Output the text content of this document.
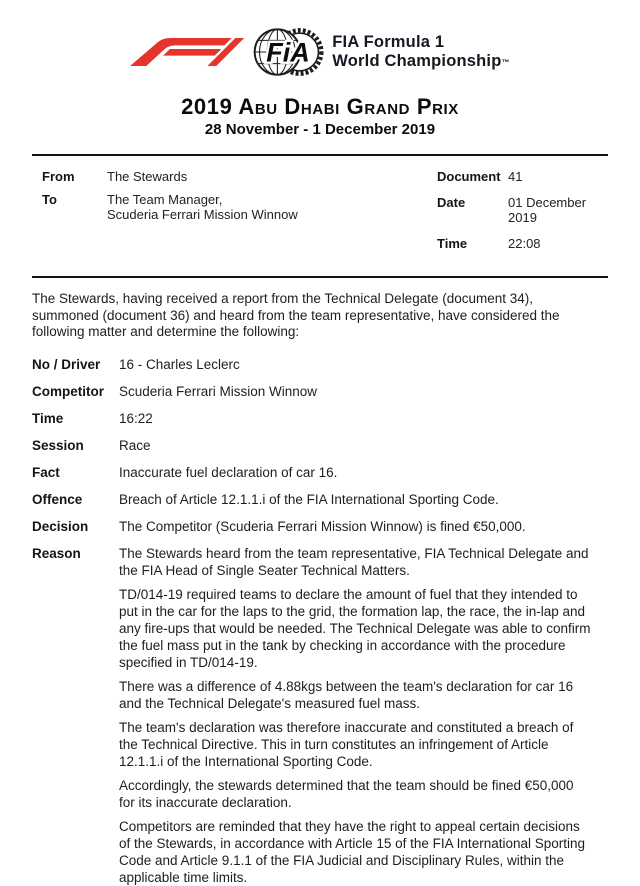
FiA FIA Formula 1
World Championship™
2019 Abu Dhabi Grand Prix
28 November - 1 December 2019
From	The Stewards
To	The Team Manager,
Scuderia Ferrari Mission Winnow
Document 41
Date	01 December 2019
Time	22:08

The Stewards, having received a report from the Technical Delegate (document 34), summoned (document 36) and heard from the team representative, have considered the following matter and determine the following:

No / Driver	16 - Charles Leclerc
Competitor	Scuderia Ferrari Mission Winnow
Time	16:22
Session	Race
Fact	Inaccurate fuel declaration of car 16.
Offence	Breach of Article 12.1.1.i of the FIA International Sporting Code.
Decision	The Competitor (Scuderia Ferrari Mission Winnow) is fined €50,000.
Reason	The Stewards heard from the team representative, FIA Technical Delegate and the FIA Head of Single Seater Technical Matters.

TD/014-19 required teams to declare the amount of fuel that they intended to put in the car for the laps to the grid, the formation lap, the race, the in-lap and any fire-ups that would be needed. The Technical Delegate was able to confirm the fuel mass put in the tank by checking in accordance with the procedure specified in TD/014-19.

There was a difference of 4.88kgs between the team's declaration for car 16 and the Technical Delegate's measured fuel mass.

The team's declaration was therefore inaccurate and constituted a breach of the Technical Directive. This in turn constitutes an infringement of Article 12.1.1.i of the International Sporting Code.

Accordingly, the stewards determined that the team should be fined €50,000 for its inaccurate declaration.

Competitors are reminded that they have the right to appeal certain decisions of the Stewards, in accordance with Article 15 of the FIA International Sporting Code and Article 9.1.1 of the FIA Judicial and Disciplinary Rules, within the applicable time limits.
